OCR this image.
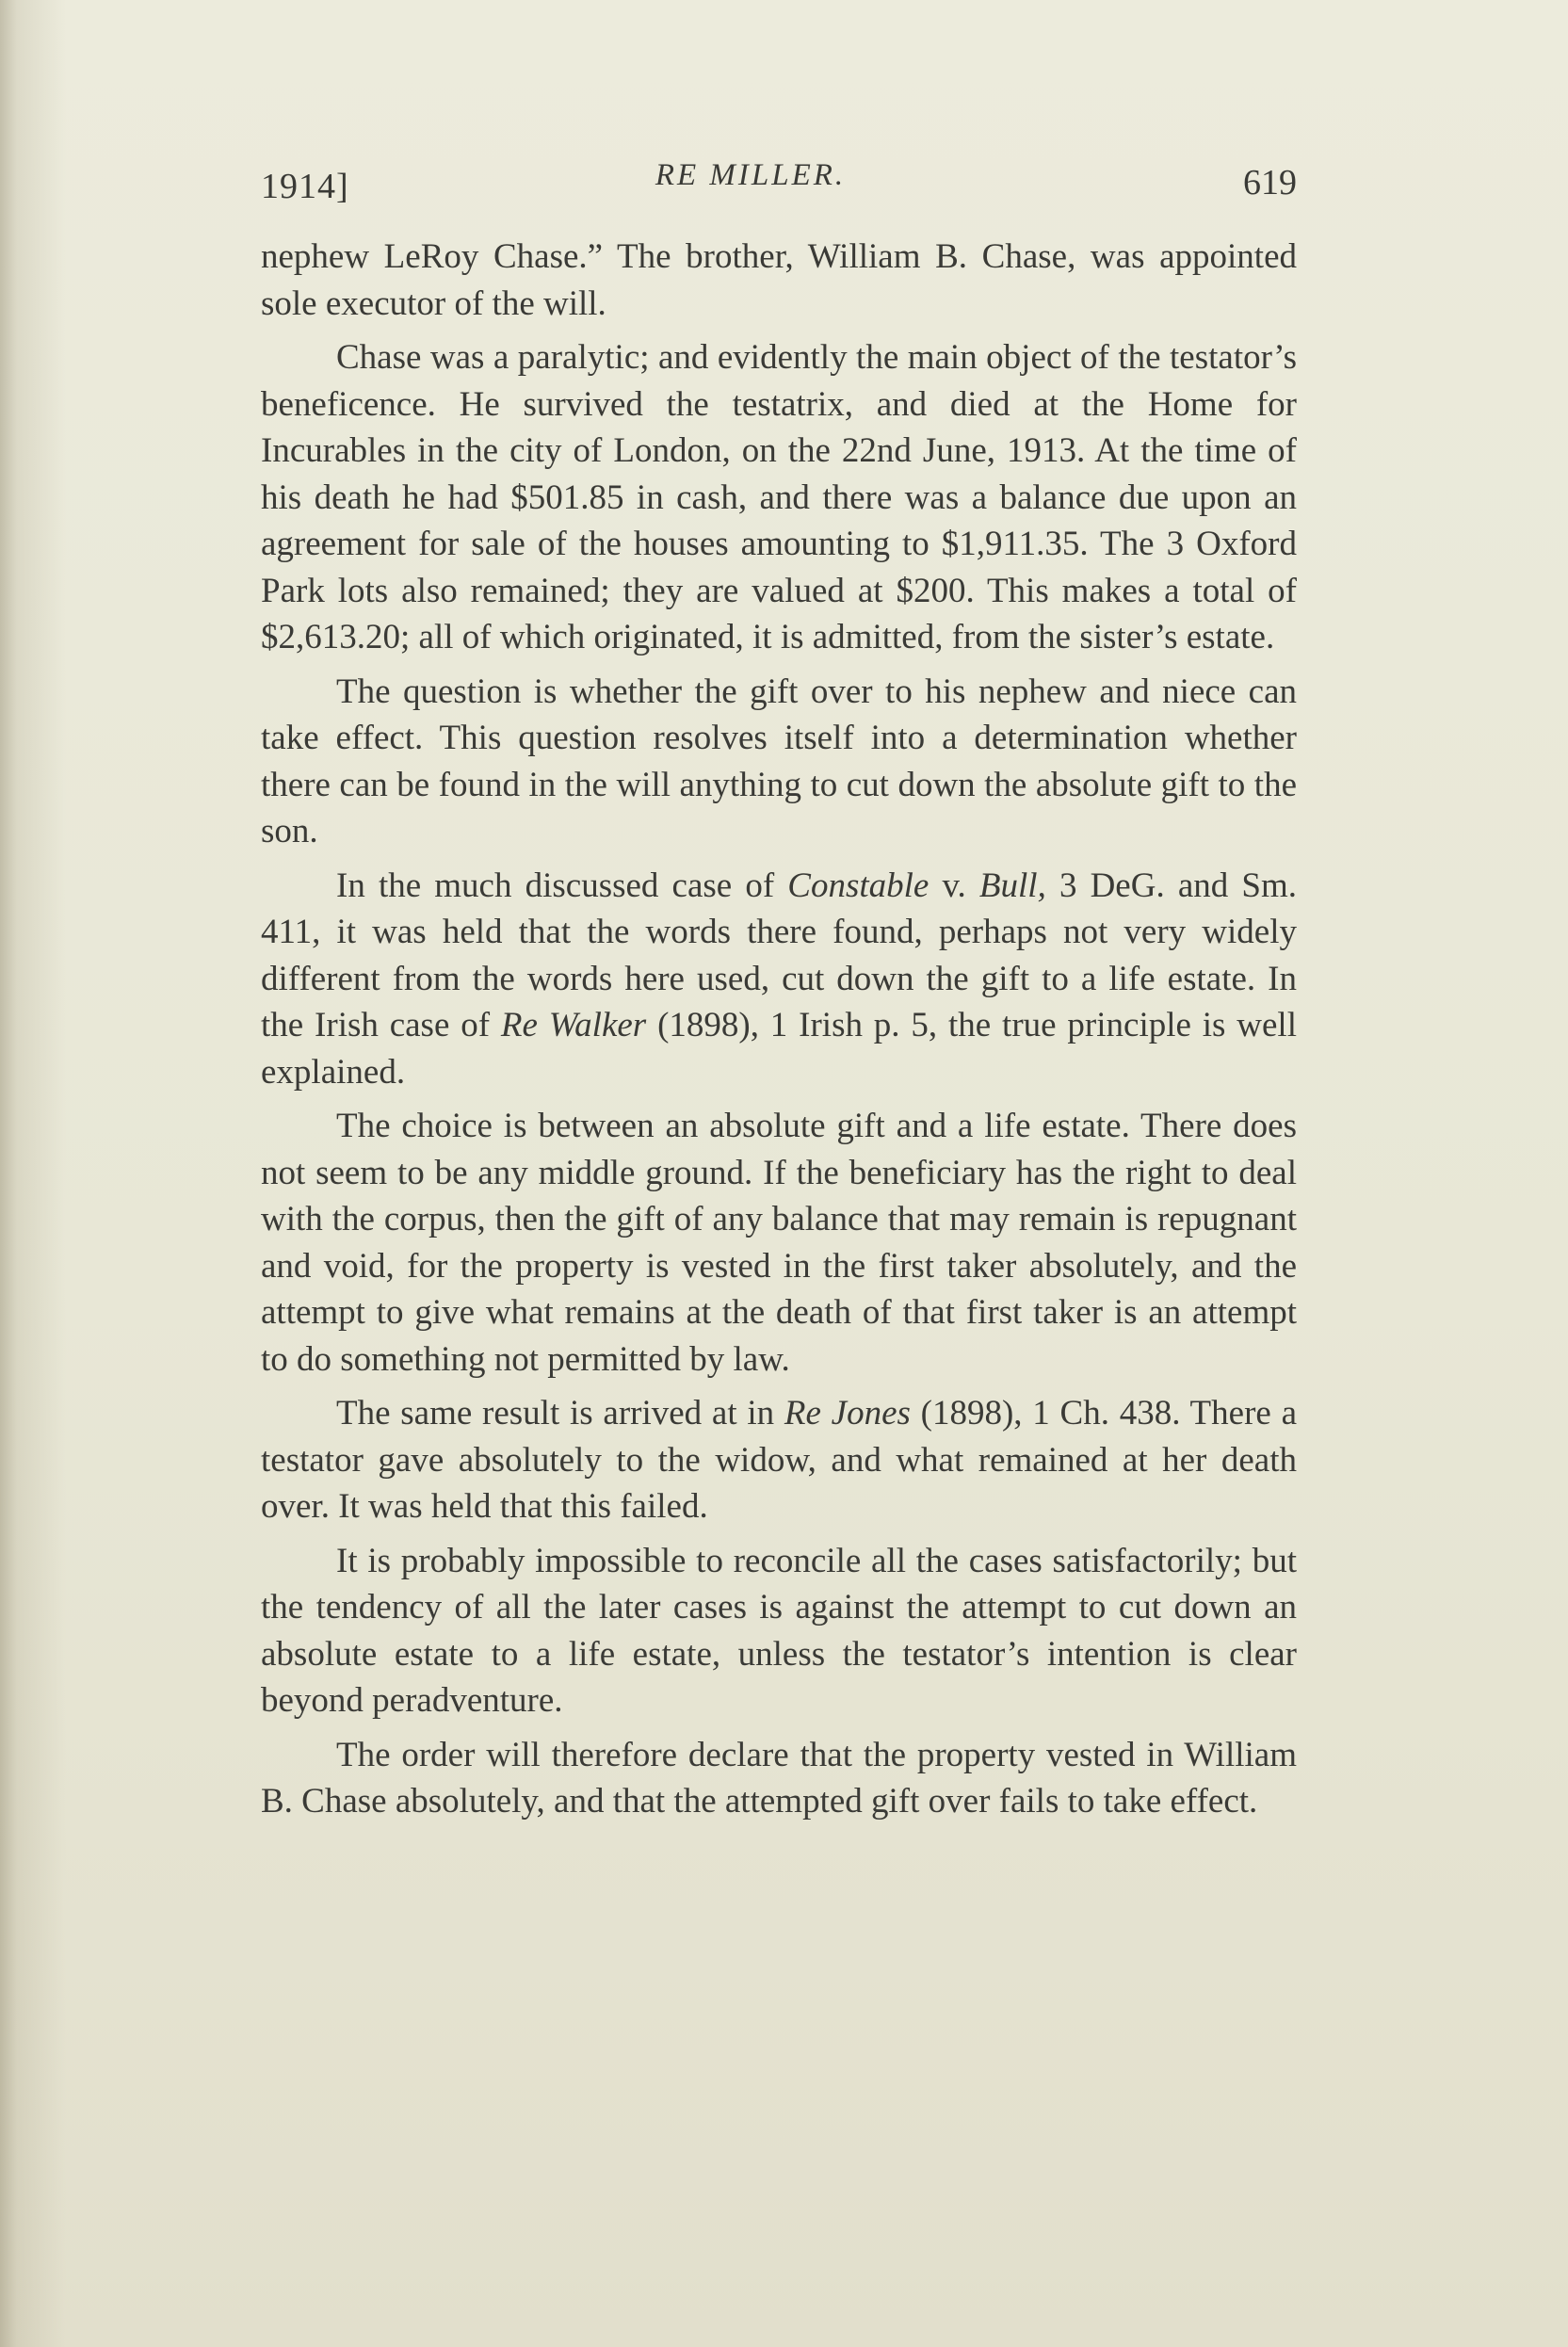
1914]	RE MILLER.	619

nephew LeRoy Chase.” The brother, William B. Chase, was appointed sole executor of the will.

Chase was a paralytic; and evidently the main object of the testator’s beneficence. He survived the testatrix, and died at the Home for Incurables in the city of London, on the 22nd June, 1913. At the time of his death he had $501.85 in cash, and there was a balance due upon an agreement for sale of the houses amounting to $1,911.35. The 3 Oxford Park lots also remained; they are valued at $200. This makes a total of $2,613.20; all of which originated, it is admitted, from the sister’s estate.

The question is whether the gift over to his nephew and niece can take effect. This question resolves itself into a determination whether there can be found in the will anything to cut down the absolute gift to the son.

In the much discussed case of Constable v. Bull, 3 DeG. and Sm. 411, it was held that the words there found, perhaps not very widely different from the words here used, cut down the gift to a life estate. In the Irish case of Re Walker (1898), 1 Irish p. 5, the true principle is well explained.

The choice is between an absolute gift and a life estate. There does not seem to be any middle ground. If the beneficiary has the right to deal with the corpus, then the gift of any balance that may remain is repugnant and void, for the property is vested in the first taker absolutely, and the attempt to give what remains at the death of that first taker is an attempt to do something not permitted by law.

The same result is arrived at in Re Jones (1898), 1 Ch. 438. There a testator gave absolutely to the widow, and what remained at her death over. It was held that this failed.

It is probably impossible to reconcile all the cases satisfactorily; but the tendency of all the later cases is against the attempt to cut down an absolute estate to a life estate, unless the testator’s intention is clear beyond peradventure.

The order will therefore declare that the property vested in William B. Chase absolutely, and that the attempted gift over fails to take effect.
